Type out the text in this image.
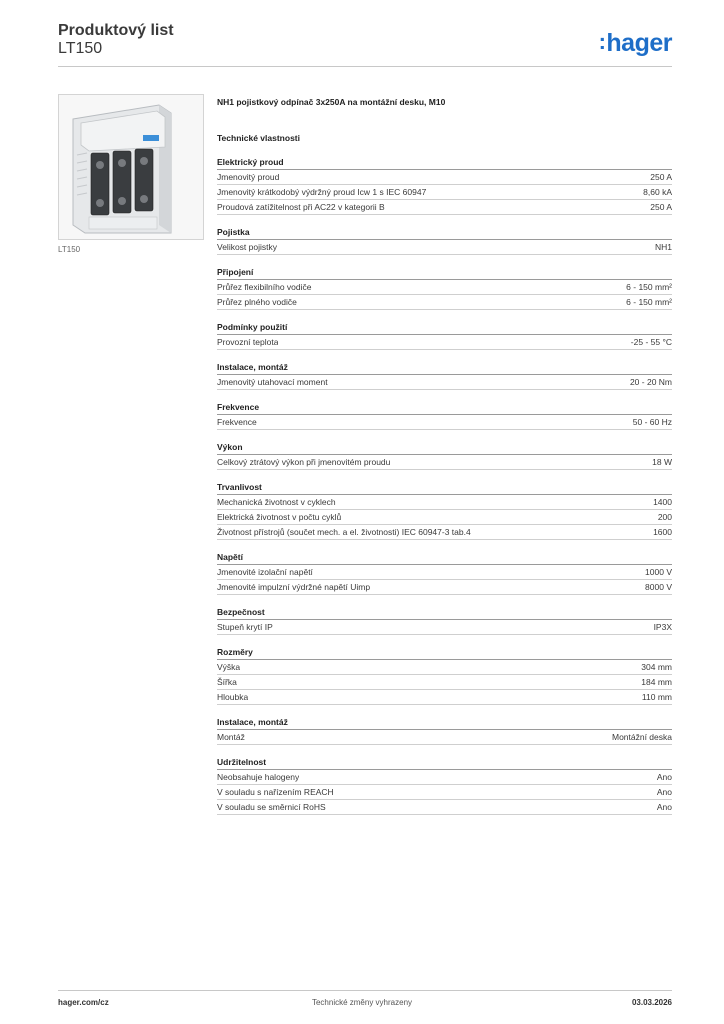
Produktový list
LT150	:hager
LT150
NH1 pojistkový odpínač 3x250A na montážní desku, M10
Technické vlastnosti
Elektrický proud
Jmenovitý proud	250 A
Jmenovitý krátkodobý výdržný proud Icw 1 s IEC 60947	8,60 kA
Proudová zatížitelnost při AC22 v kategorii B	250 A
Pojistka
Velikost pojistky	NH1
Připojení
Průřez flexibilního vodiče	6 - 150 mm²
Průřez plného vodiče	6 - 150 mm²
Podmínky použití
Provozní teplota	-25 - 55 °C
Instalace, montáž
Jmenovitý utahovací moment	20 - 20 Nm
Frekvence
Frekvence	50 - 60 Hz
Výkon
Celkový ztrátový výkon při jmenovitém proudu	18 W
Trvanlivost
Mechanická životnost v cyklech	1400
Elektrická životnost v počtu cyklů	200
Životnost přístrojů (součet mech. a el. životnosti) IEC 60947-3 tab.4	1600
Napětí
Jmenovité izolační napětí	1000 V
Jmenovité impulzní výdržné napětí Uimp	8000 V
Bezpečnost
Stupeň krytí IP	IP3X
Rozměry
Výška	304 mm
Šířka	184 mm
Hloubka	110 mm
Instalace, montáž
Montáž	Montážní deska
Udržitelnost
Neobsahuje halogeny	Ano
V souladu s nařízením REACH	Ano
V souladu se směrnicí RoHS	Ano
hager.com/cz	Technické změny vyhrazeny	03.03.2026
